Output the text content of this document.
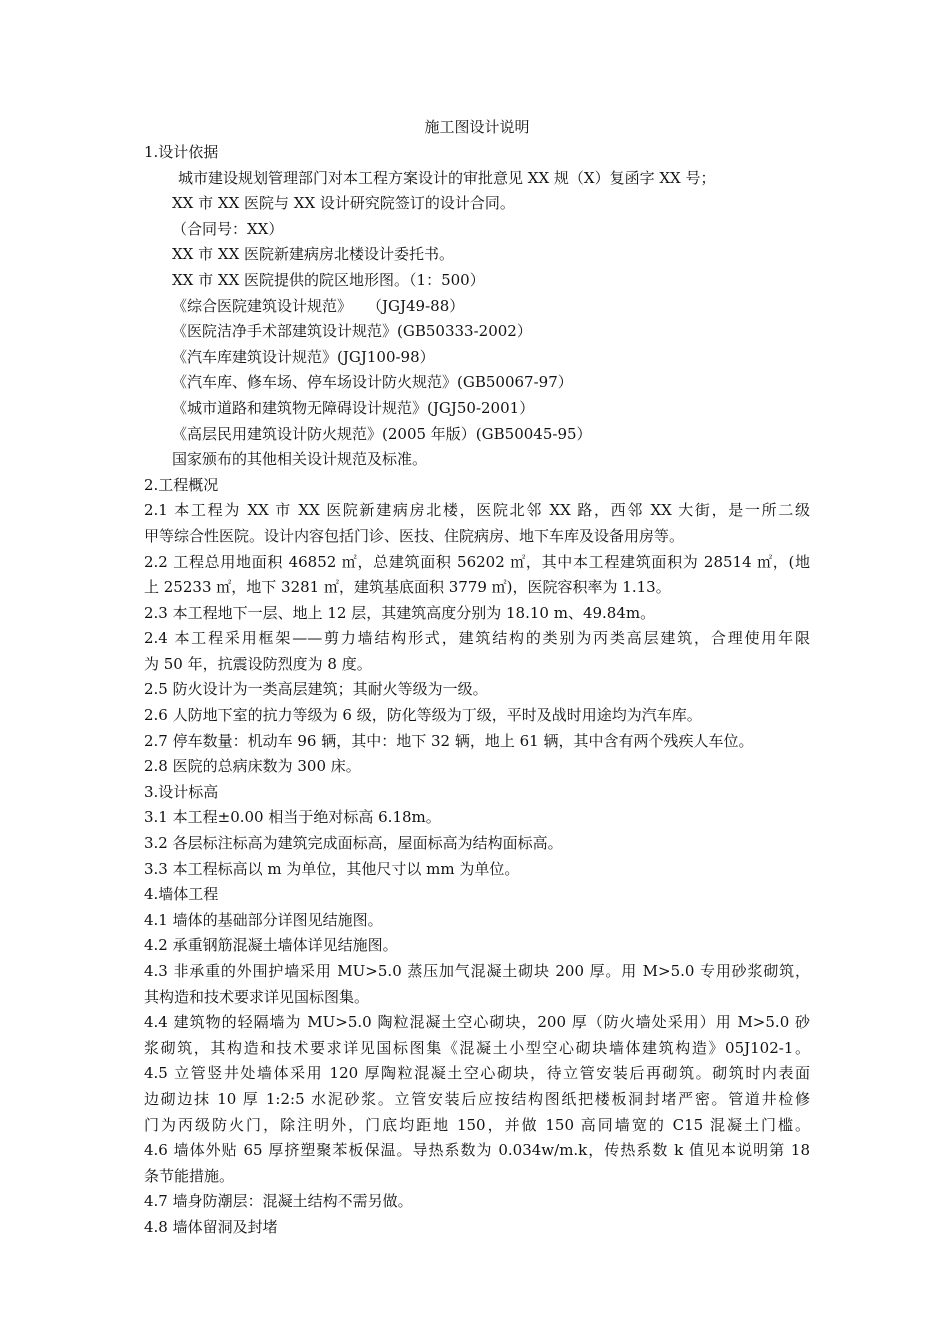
施工图设计说明
1.设计依据
城市建设规划管理部门对本工程方案设计的审批意见 XX 规（X）复函字 XX 号；
XX 市 XX 医院与 XX 设计研究院签订的设计合同。
（合同号：XX）
XX 市 XX 医院新建病房北楼设计委托书。
XX 市 XX 医院提供的院区地形图。（1：500）
《综合医院建筑设计规范》　　（JGJ49-88）
《医院洁净手术部建筑设计规范》(GB50333-2002）
《汽车库建筑设计规范》(JGJ100-98）
《汽车库、修车场、停车场设计防火规范》(GB50067-97）
《城市道路和建筑物无障碍设计规范》(JGJ50-2001）
《高层民用建筑设计防火规范》(2005 年版）(GB50045-95）
国家颁布的其他相关设计规范及标准。
2.工程概况
2.1 本工程为 XX 市 XX 医院新建病房北楼，医院北邻 XX 路，西邻 XX 大街，是一所二级
甲等综合性医院。设计内容包括门诊、医技、住院病房、地下车库及设备用房等。
2.2 工程总用地面积 46852 ㎡，总建筑面积 56202 ㎡，其中本工程建筑面积为 28514 ㎡，(地
上 25233 ㎡，地下 3281 ㎡，建筑基底面积 3779 ㎡)，医院容积率为 1.13。
2.3 本工程地下一层、地上 12 层，其建筑高度分别为 18.10 m、49.84m。
2.4 本工程采用框架——剪力墙结构形式，建筑结构的类别为丙类高层建筑，合理使用年限
为 50 年，抗震设防烈度为 8 度。
2.5 防火设计为一类高层建筑；其耐火等级为一级。
2.6 人防地下室的抗力等级为 6 级，防化等级为丁级，平时及战时用途均为汽车库。
2.7 停车数量：机动车 96 辆，其中：地下 32 辆，地上 61 辆，其中含有两个残疾人车位。
2.8 医院的总病床数为 300 床。
3.设计标高
3.1 本工程±0.00 相当于绝对标高 6.18m。
3.2 各层标注标高为建筑完成面标高，屋面标高为结构面标高。
3.3 本工程标高以 m 为单位，其他尺寸以 mm 为单位。
4.墙体工程
4.1 墙体的基础部分详图见结施图。
4.2 承重钢筋混凝土墙体详见结施图。
4.3 非承重的外围护墙采用 MU>5.0 蒸压加气混凝土砌块 200 厚。用 M>5.0 专用砂浆砌筑，
其构造和技术要求详见国标图集。
4.4 建筑物的轻隔墙为 MU>5.0 陶粒混凝土空心砌块，200 厚（防火墙处采用）用 M>5.0 砂
浆砌筑，其构造和技术要求详见国标图集《混凝土小型空心砌块墙体建筑构造》05J102-1。
4.5 立管竖井处墙体采用 120 厚陶粒混凝土空心砌块，待立管安装后再砌筑。砌筑时内表面
边砌边抹 10 厚 1:2:5 水泥砂浆。立管安装后应按结构图纸把楼板洞封堵严密。管道井检修
门为丙级防火门，除注明外，门底均距地 150，并做 150 高同墙宽的 C15 混凝土门槛。
4.6 墙体外贴 65 厚挤塑聚苯板保温。导热系数为 0.034w/m.k，传热系数 k 值见本说明第 18
条节能措施。
4.7 墙身防潮层：混凝土结构不需另做。
4.8 墙体留洞及封堵
